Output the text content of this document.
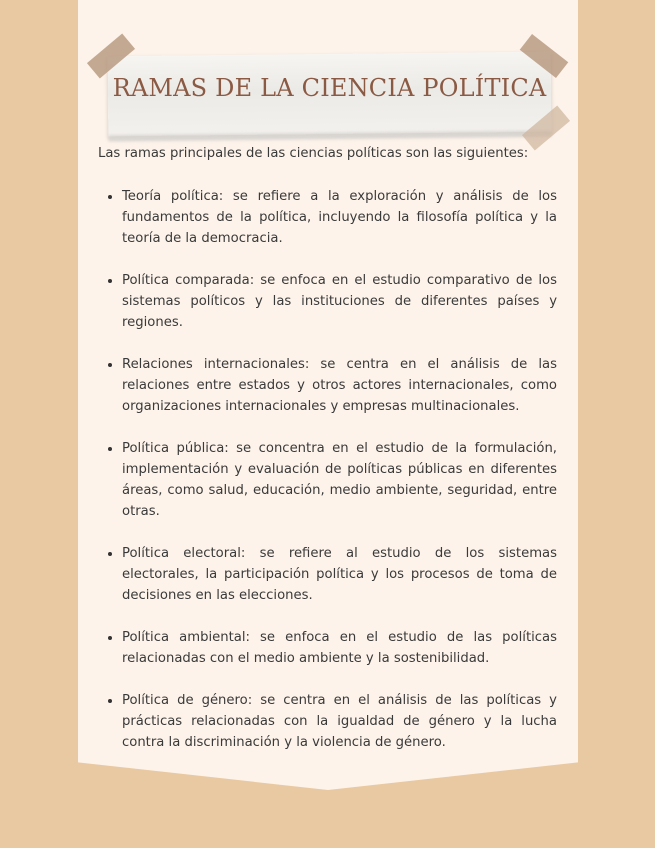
RAMAS DE LA CIENCIA POLÍTICA

Las ramas principales de las ciencias políticas son las siguientes:

• Teoría política: se refiere a la exploración y análisis de los fundamentos de la política, incluyendo la filosofía política y la teoría de la democracia.
• Política comparada: se enfoca en el estudio comparativo de los sistemas políticos y las instituciones de diferentes países y regiones.
• Relaciones internacionales: se centra en el análisis de las relaciones entre estados y otros actores internacionales, como organizaciones internacionales y empresas multinacionales.
• Política pública: se concentra en el estudio de la formulación, implementación y evaluación de políticas públicas en diferentes áreas, como salud, educación, medio ambiente, seguridad, entre otras.
• Política electoral: se refiere al estudio de los sistemas electorales, la participación política y los procesos de toma de decisiones en las elecciones.
• Política ambiental: se enfoca en el estudio de las políticas relacionadas con el medio ambiente y la sostenibilidad.
• Política de género: se centra en el análisis de las políticas y prácticas relacionadas con la igualdad de género y la lucha contra la discriminación y la violencia de género.
